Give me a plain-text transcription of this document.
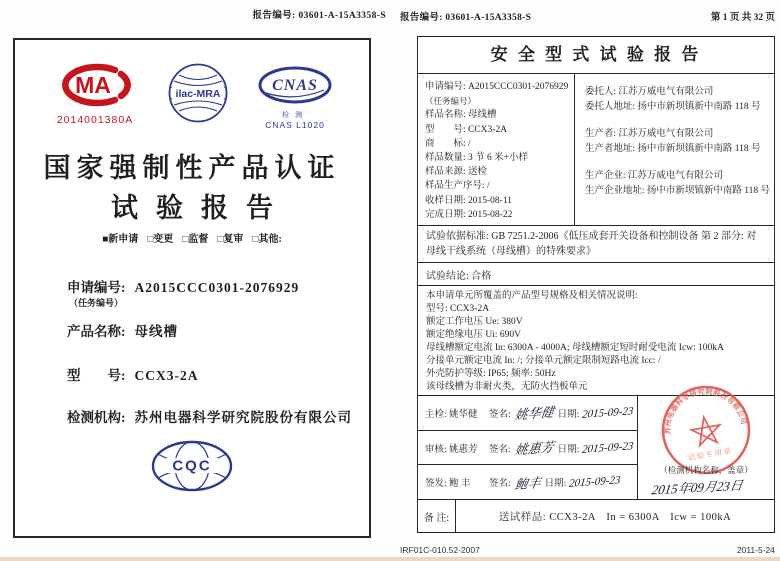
报告编号: 03601-A-15A3358-S
MA
2014001380A
ilac-MRA	CNAS
检测
CNAS L1020
国家强制性产品认证
试验报告
■新申请 □变更 □监督 □复审 □其他:
申请编号: A2015CCC0301-2076929
（任务编号）
产品名称: 母线槽
型　　号: CCX3-2A
检测机构: 苏州电器科学研究院股份有限公司
CQC
报告编号: 03601-A-15A3358-S	第 1 页 共 32 页
安 全 型 式 试 验 报 告
申请编号: A2015CCC0301-2076929
（任务编号）
样品名称: 母线槽
型　　号: CCX3-2A
商　　标: /
样品数量: 3 节 6 米+小样
样品来源: 送检
样品生产序号: /
收样日期: 2015-08-11
完成日期: 2015-08-22
委托人: 江苏万威电气有限公司
委托人地址: 扬中市新坝镇新中南路 118 号
生产者: 江苏万威电气有限公司
生产者地址: 扬中市新坝镇新中南路 118 号
生产企业: 江苏万威电气有限公司
生产企业地址: 扬中市新坝镇新中南路 118 号
试验依据标准: GB 7251.2-2006《低压成套开关设备和控制设备 第 2 部分: 对母线干线系统（母线槽）的特殊要求》
试验结论: 合格
本申请单元所覆盖的产品型号规格及相关情况说明:
型号: CCX3-2A
额定工作电压 Ue: 380V
额定绝缘电压 Ui: 690V
母线槽额定电流 In: 6300A - 4000A; 母线槽额定短时耐受电流 Icw: 100kA
分接单元额定电流 In: /; 分接单元额定限制短路电流 Icc: /
外壳防护等级: IP65; 频率: 50Hz
该母线槽为非耐火类，无防火挡板单元
主检: 姚华健	签名: 姚华健 日期: 2015-09-23
审核: 姚惠芳	签名: 姚惠芳 日期: 2015-09-23
签发: 鲍 丰	签名: 鲍丰 日期: 2015-09-23
苏州电器科学研究院股份有限公司
试验专用章
（检测机构名称，盖章）
2015年09月23日
备 注:	送试样品: CCX3-2A　In = 6300A　Icw = 100kA
IRF01C-010.52-2007	2011-5-24
